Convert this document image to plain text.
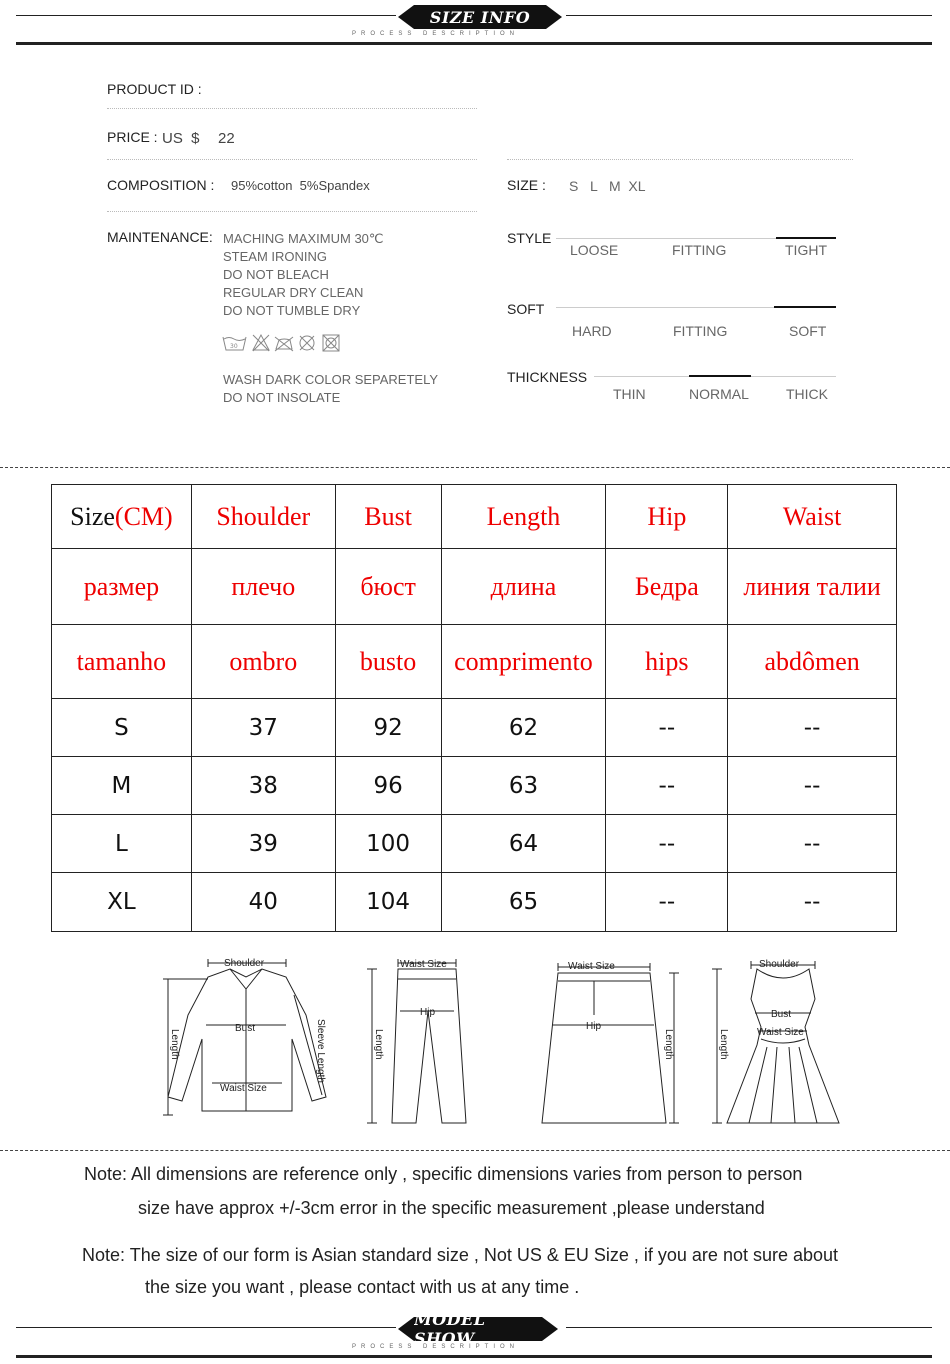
SIZE INFO
PROCESS DESCRIPTION
PRODUCT ID :
PRICE : US  $ 22
COMPOSITION : 95%cotton  5%Spandex
MAINTENANCE: MACHING MAXIMUM 30℃
STEAM IRONING
DO NOT BLEACH
REGULAR DRY CLEAN
DO NOT TUMBLE DRY
30
WASH DARK COLOR SEPARETELY
DO NOT INSOLATE
SIZE : S   L   M  XL
STYLE
LOOSE	FITTING	TIGHT
SOFT
HARD	FITTING	SOFT
THICKNESS
THIN	NORMAL	THICK
Size(CM)	Shoulder	Bust	Length	Hip	Waist
размер	плечо	бюст	длина	Бедра	линия талии
tamanho	ombro	busto	comprimento	hips	abdômen
S	37	92	62	--	--
M	38	96	63	--	--
L	39	100	64	--	--
XL	40	104	65	--	--
Shoulder
Bust
Waist Size
Length	Sleeve Length
Waist Size
Hip
Length
Waist Size
Hip
Length
Shoulder
Bust
Waist Size
Length
Note: All dimensions are reference only , specific dimensions varies from person to person
size have approx +/-3cm error in the specific measurement ,please understand
Note: The size of our form is Asian standard size , Not US & EU Size , if you are not sure about
the size you want , please contact with us at any time .
MODEL SHOW
PROCESS DESCRIPTION
